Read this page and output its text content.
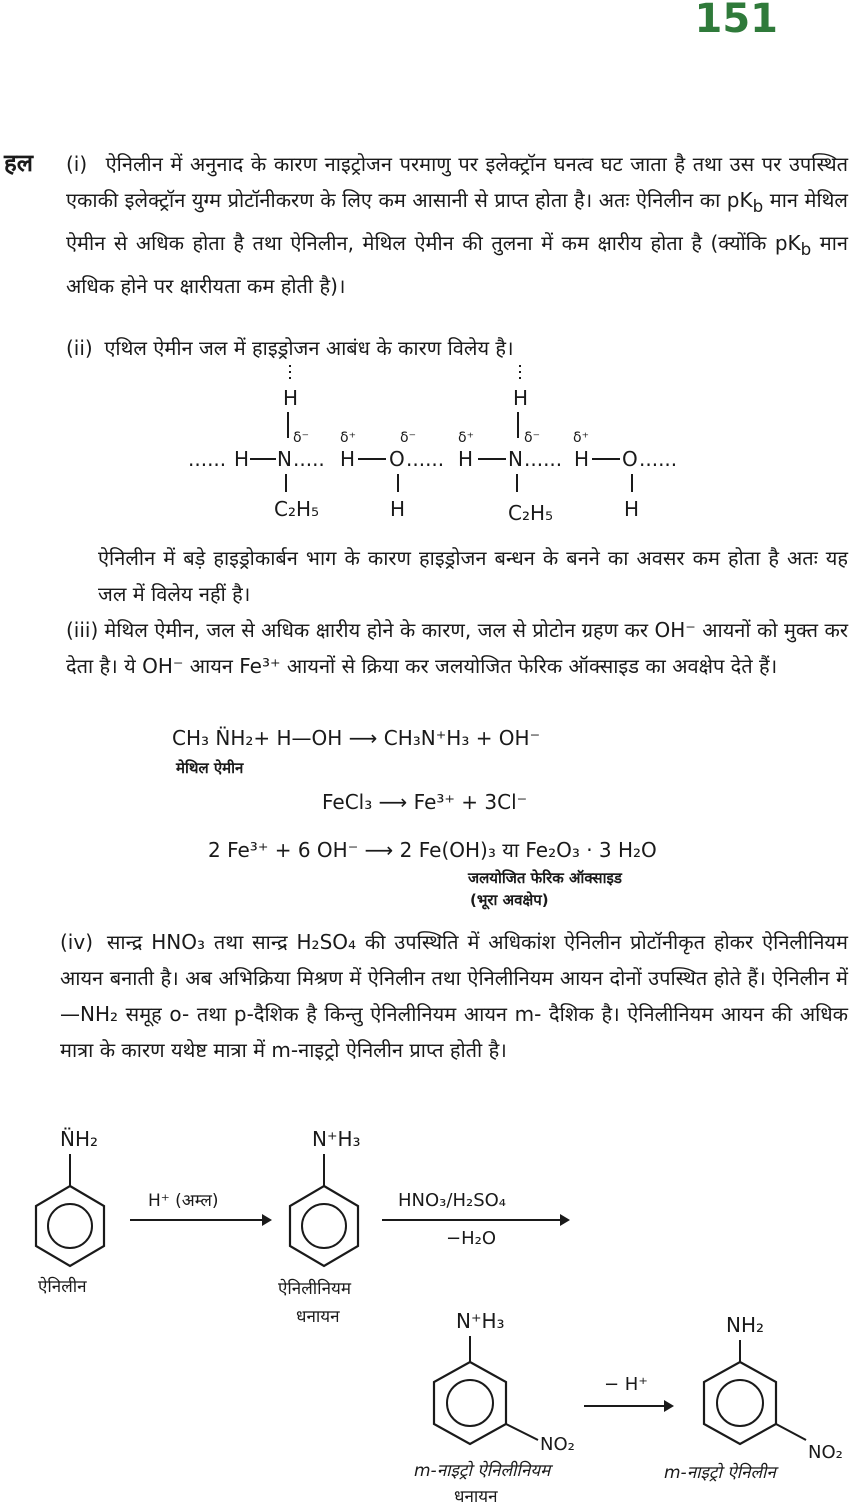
151
हल (i) ऐनिलीन में अनुनाद के कारण नाइट्रोजन परमाणु पर इलेक्ट्रॉन घनत्व घट जाता है तथा उस पर उपस्थित एकाकी इलेक्ट्रॉन युग्म प्रोटॉनीकरण के लिए कम आसानी से प्राप्त होता है। अतः ऐनिलीन का $pK_b$ मान मेथिल ऐमीन से अधिक होता है तथा ऐनिलीन, मेथिल ऐमीन की तुलना में कम क्षारीय होता है (क्योंकि $pK_b$ मान अधिक होने पर क्षारीयता कम होती है)।
(ii) एथिल ऐमीन जल में हाइड्रोजन आबंध के कारण विलेय है।
H
δ⁻ δ⁺	δ⁻	δ⁺
H
δ⁻ δ⁺
...... H N ..... H O ...... H N ...... H O ......
C₂H₅	H	C₂H₅	H
ऐनिलीन में बड़े हाइड्रोकार्बन भाग के कारण हाइड्रोजन बन्धन के बनने का अवसर कम होता है अतः यह जल में विलेय नहीं है।
(iii) मेथिल ऐमीन, जल से अधिक क्षारीय होने के कारण, जल से प्रोटोन ग्रहण कर OH⁻ आयनों को मुक्त कर देता है। ये OH⁻ आयन Fe³⁺ आयनों से क्रिया कर जलयोजित फेरिक ऑक्साइड का अवक्षेप देते हैं।
CH₃ N̈H₂+ H—OH ⟶ CH₃N⁺H₃ + OH⁻
मेथिल ऐमीन
FeCl₃ ⟶ Fe³⁺ + 3Cl⁻
2 Fe³⁺ + 6 OH⁻ ⟶ 2 Fe(OH)₃ या Fe₂O₃ · 3 H₂O
जलयोजित फेरिक ऑक्साइड
(भूरा अवक्षेप)
(iv) सान्द्र HNO₃ तथा सान्द्र H₂SO₄ की उपस्थिति में अधिकांश ऐनिलीन प्रोटॉनीकृत होकर ऐनिलीनियम आयन बनाती है। अब अभिक्रिया मिश्रण में ऐनिलीन तथा ऐनिलीनियम आयन दोनों उपस्थित होते हैं। ऐनिलीन में —NH₂ समूह o- तथा p-दैशिक है किन्तु ऐनिलीनियम आयन m- दैशिक है। ऐनिलीनियम आयन की अधिक मात्रा के कारण यथेष्ट मात्रा में m-नाइट्रो ऐनिलीन प्राप्त होती है।
N̈H₂
ऐनिलीन
H⁺ (अम्ल)
N⁺H₃
ऐनिलीनियम
धनायन
HNO₃/H₂SO₄
−H₂O
N⁺H₃
NO₂
m-नाइट्रो ऐनिलीनियम
धनायन
− H⁺
NH₂
NO₂
m-नाइट्रो ऐनिलीन
